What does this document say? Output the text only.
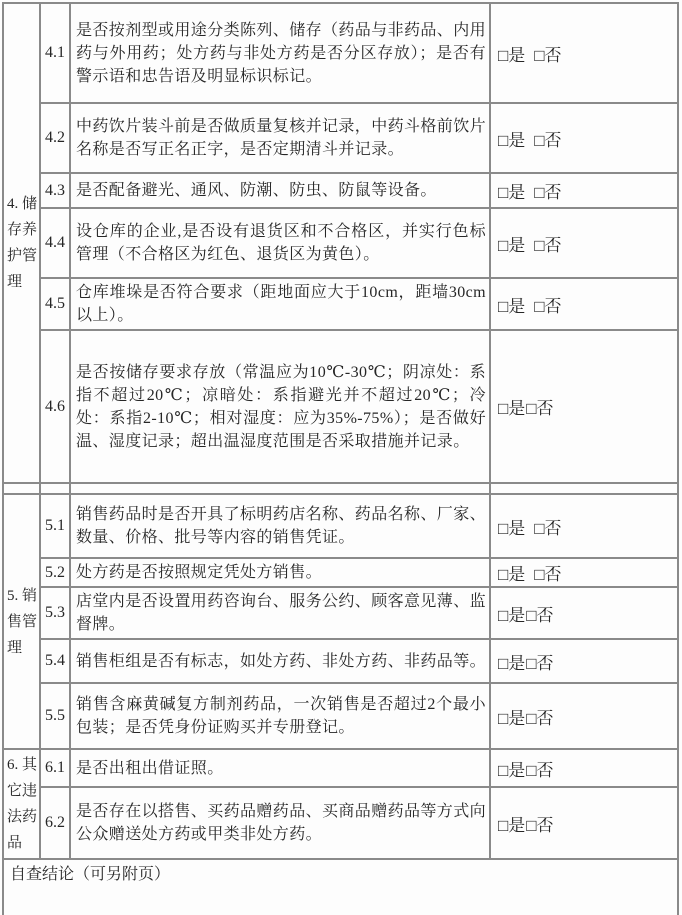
4. 储存养护管理	4.1	是否按剂型或用途分类陈列、储存（药品与非药品、内用药与外用药；处方药与非处方药是否分区存放）；是否有警示语和忠告语及明显标识标记。	□是 □否
	4.2	中药饮片装斗前是否做质量复核并记录，中药斗格前饮片名称是否写正名正字，是否定期清斗并记录。	□是 □否
	4.3	是否配备避光、通风、防潮、防虫、防鼠等设备。	□是 □否
	4.4	设仓库的企业,是否设有退货区和不合格区，并实行色标管理（不合格区为红色、退货区为黄色）。	□是 □否
	4.5	仓库堆垛是否符合要求（距地面应大于10cm，距墙30cm以上）。	□是 □否
	4.6	是否按储存要求存放（常温应为10℃-30℃；阴凉处：系指不超过20℃；凉暗处：系指避光并不超过20℃；冷处：系指2-10℃；相对湿度：应为35%-75%）；是否做好温、湿度记录；超出温湿度范围是否采取措施并记录。	□是□否

5. 销售管理	5.1	销售药品时是否开具了标明药店名称、药品名称、厂家、数量、价格、批号等内容的销售凭证。	□是 □否
	5.2	处方药是否按照规定凭处方销售。	□是 □否
	5.3	店堂内是否设置用药咨询台、服务公约、顾客意见薄、监督牌。	□是□否
	5.4	销售柜组是否有标志，如处方药、非处方药、非药品等。	□是□否
	5.5	销售含麻黄碱复方制剂药品，一次销售是否超过2个最小包装；是否凭身份证购买并专册登记。	□是□否
6. 其它违法药品	6.1	是否出租出借证照。	□是□否
	6.2	是否存在以搭售、买药品赠药品、买商品赠药品等方式向公众赠送处方药或甲类非处方药。	□是□否
自查结论（可另附页）			
